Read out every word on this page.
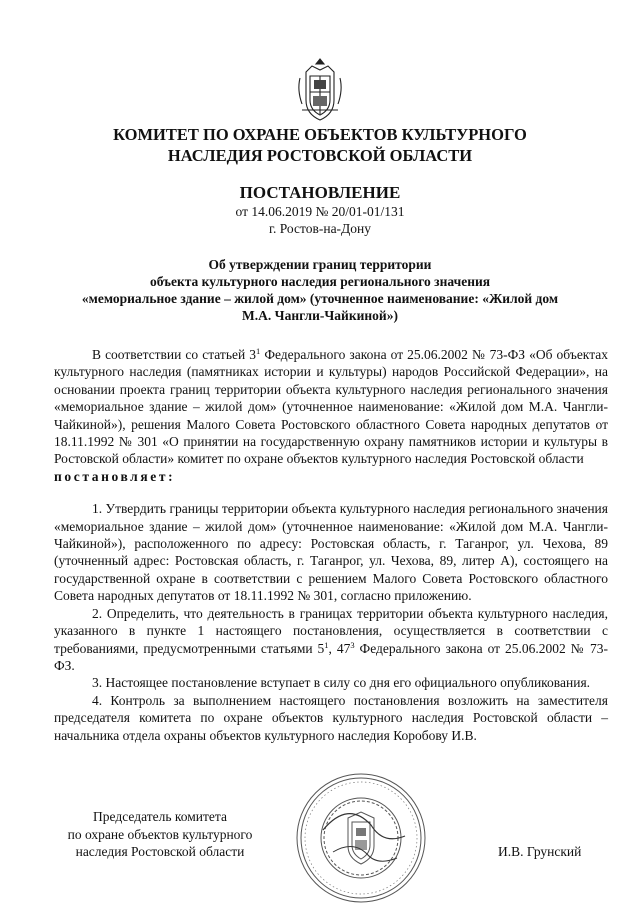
КОМИТЕТ ПО ОХРАНЕ ОБЪЕКТОВ КУЛЬТУРНОГО
НАСЛЕДИЯ РОСТОВСКОЙ ОБЛАСТИ
ПОСТАНОВЛЕНИЕ
от 14.06.2019 № 20/01-01/131
г. Ростов-на-Дону
Об утверждении границ территории
объекта культурного наследия регионального значения
«мемориальное здание – жилой дом» (уточненное наименование: «Жилой дом
М.А. Чангли-Чайкиной»)

В соответствии со статьей $3^1$ Федерального закона от 25.06.2002 № 73-ФЗ «Об объектах культурного наследия (памятниках истории и культуры) народов Российской Федерации», на основании проекта границ территории объекта культурного наследия регионального значения «мемориальное здание – жилой дом» (уточненное наименование: «Жилой дом М.А. Чангли-Чайкиной»), решения Малого Совета Ростовского областного Совета народных депутатов от 18.11.1992 № 301 «О принятии на государственную охрану памятников истории и культуры в Ростовской области» комитет по охране объектов культурного наследия Ростовской области
постановляет:

1. Утвердить границы территории объекта культурного наследия регионального значения «мемориальное здание – жилой дом» (уточненное наименование: «Жилой дом М.А. Чангли-Чайкиной»), расположенного по адресу: Ростовская область, г. Таганрог, ул. Чехова, 89 (уточненный адрес: Ростовская область, г. Таганрог, ул. Чехова, 89, литер А), состоящего на государственной охране в соответствии с решением Малого Совета Ростовского областного Совета народных депутатов от 18.11.1992 № 301, согласно приложению.

2. Определить, что деятельность в границах территории объекта культурного наследия, указанного в пункте 1 настоящего постановления, осуществляется в соответствии с требованиями, предусмотренными статьями $5^1$, $47^3$ Федерального закона от 25.06.2002 № 73-ФЗ.

3. Настоящее постановление вступает в силу со дня его официального опубликования.

4. Контроль за выполнением настоящего постановления возложить на заместителя председателя комитета по охране объектов культурного наследия Ростовской области – начальника отдела охраны объектов культурного наследия Коробову И.В.

Председатель комитета
по охране объектов культурного
наследия Ростовской области	И.В. Грунский
